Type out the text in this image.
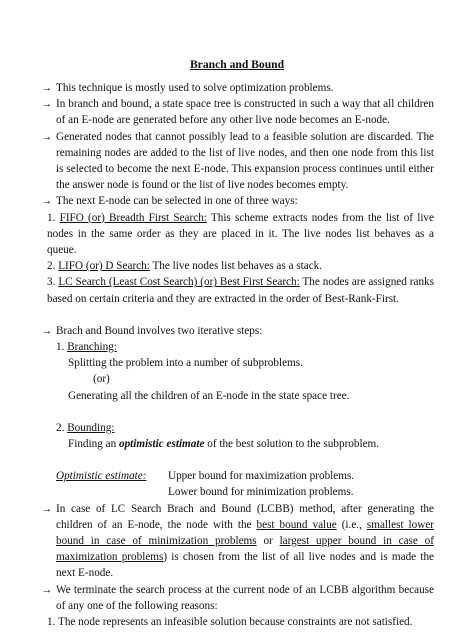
Branch and Bound
→ This technique is mostly used to solve optimization problems.
→ In branch and bound, a state space tree is constructed in such a way that all children of an E-node are generated before any other live node becomes an E-node.
→ Generated nodes that cannot possibly lead to a feasible solution are discarded. The remaining nodes are added to the list of live nodes, and then one node from this list is selected to become the next E-node. This expansion process continues until either the answer node is found or the list of live nodes becomes empty.
→ The next E-node can be selected in one of three ways:
1. FIFO (or) Breadth First Search: This scheme extracts nodes from the list of live nodes in the same order as they are placed in it. The live nodes list behaves as a queue.
2. LIFO (or) D Search: The live nodes list behaves as a stack.
3. LC Search (Least Cost Search) (or) Best First Search: The nodes are assigned ranks based on certain criteria and they are extracted in the order of Best-Rank-First.
→ Brach and Bound involves two iterative steps:
1. Branching:
Splitting the problem into a number of subproblems.
(or)
Generating all the children of an E-node in the state space tree.
2. Bounding:
Finding an optimistic estimate of the best solution to the subproblem.
Optimistic estimate: Upper bound for maximization problems.
Lower bound for minimization problems.
→ In case of LC Search Brach and Bound (LCBB) method, after generating the children of an E-node, the node with the best bound value (i.e., smallest lower bound in case of minimization problems or largest upper bound in case of maximization problems) is chosen from the list of all live nodes and is made the next E-node.
→ We terminate the search process at the current node of an LCBB algorithm because of any one of the following reasons:
1. The node represents an infeasible solution because constraints are not satisfied.
